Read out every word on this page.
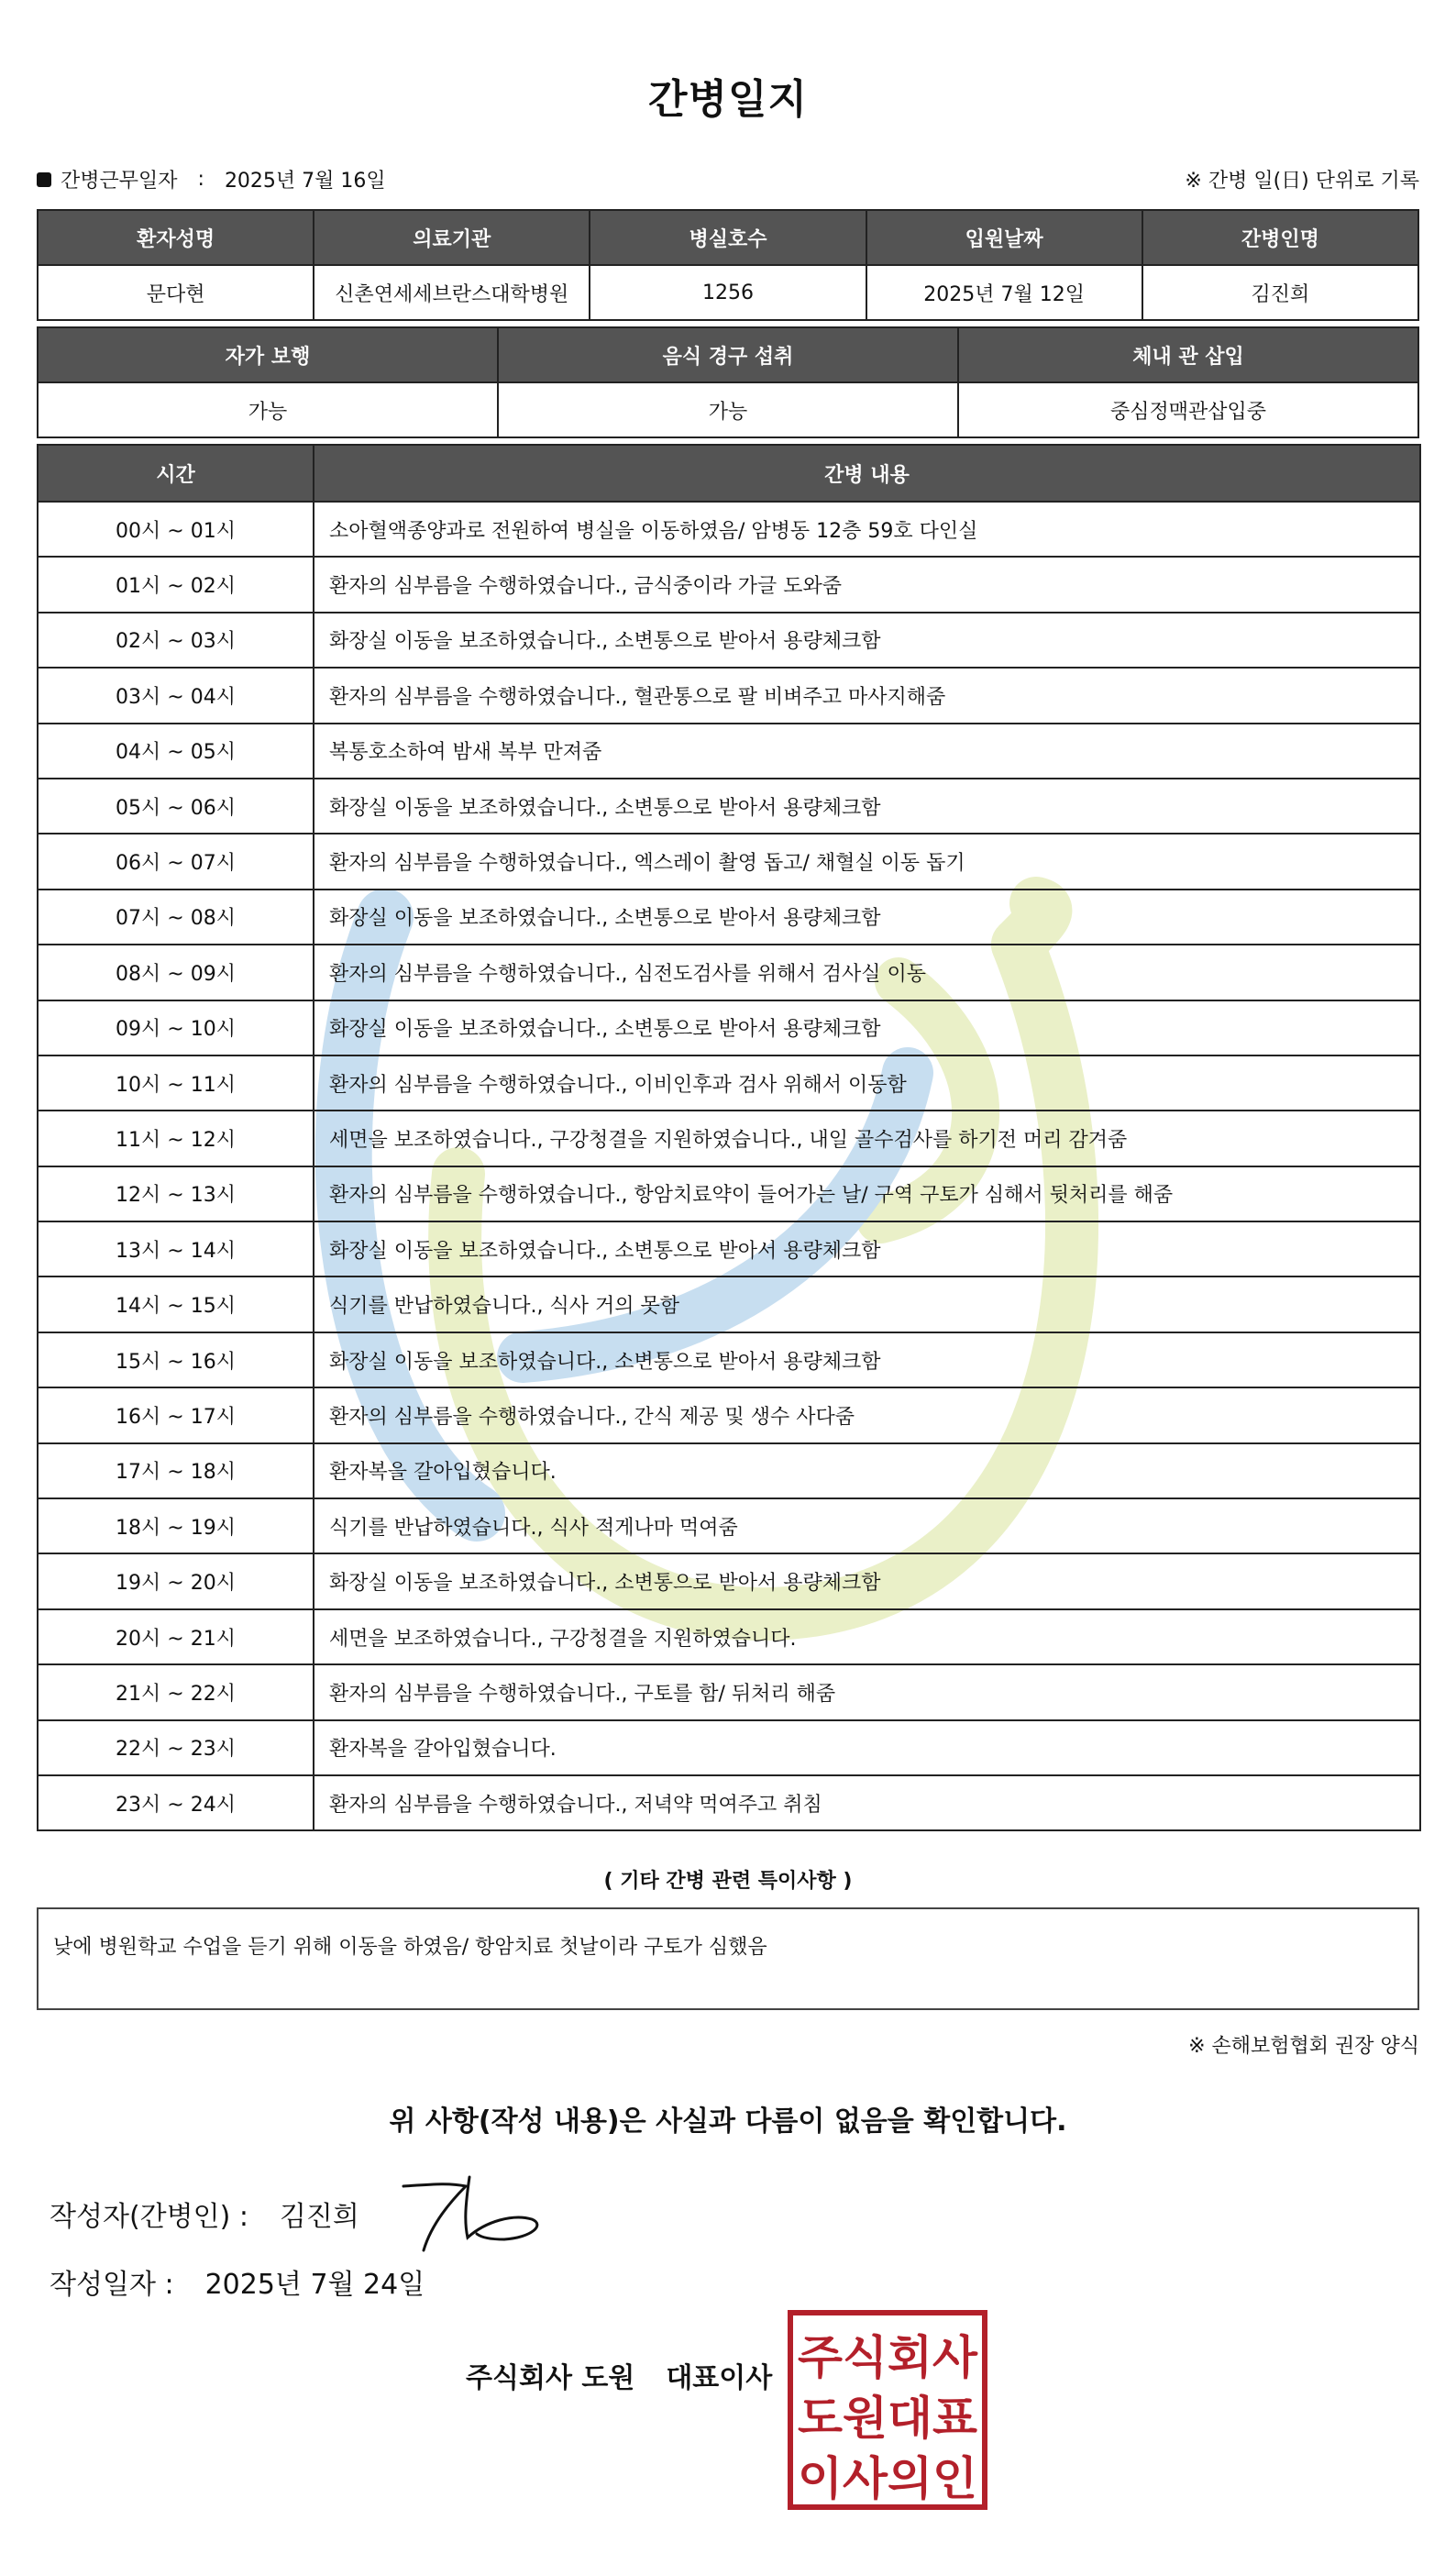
간병일지
간병근무일자 : 2025년 7월 16일	※ 간병 일(日) 단위로 기록
환자성명	의료기관	병실호수	입원날짜	간병인명
문다현	신촌연세세브란스대학병원	1256	2025년 7월 12일	김진희
자가 보행	음식 경구 섭취	체내 관 삽입
가능	가능	중심정맥관삽입중
시간	간병 내용
00시 ~ 01시	소아혈액종양과로 전원하여 병실을 이동하였음/ 암병동 12층 59호 다인실
01시 ~ 02시	환자의 심부름을 수행하였습니다., 금식중이라 가글 도와줌
02시 ~ 03시	화장실 이동을 보조하였습니다., 소변통으로 받아서 용량체크함
03시 ~ 04시	환자의 심부름을 수행하였습니다., 혈관통으로 팔 비벼주고 마사지해줌
04시 ~ 05시	복통호소하여 밤새 복부 만져줌
05시 ~ 06시	화장실 이동을 보조하였습니다., 소변통으로 받아서 용량체크함
06시 ~ 07시	환자의 심부름을 수행하였습니다., 엑스레이 촬영 돕고/ 채혈실 이동 돕기
07시 ~ 08시	화장실 이동을 보조하였습니다., 소변통으로 받아서 용량체크함
08시 ~ 09시	환자의 심부름을 수행하였습니다., 심전도검사를 위해서 검사실 이동
09시 ~ 10시	화장실 이동을 보조하였습니다., 소변통으로 받아서 용량체크함
10시 ~ 11시	환자의 심부름을 수행하였습니다., 이비인후과 검사 위해서 이동함
11시 ~ 12시	세면을 보조하였습니다., 구강청결을 지원하였습니다., 내일 골수검사를 하기전 머리 감겨줌
12시 ~ 13시	환자의 심부름을 수행하였습니다., 항암치료약이 들어가는 날/ 구역 구토가 심해서 뒷처리를 해줌
13시 ~ 14시	화장실 이동을 보조하였습니다., 소변통으로 받아서 용량체크함
14시 ~ 15시	식기를 반납하였습니다., 식사 거의 못함
15시 ~ 16시	화장실 이동을 보조하였습니다., 소변통으로 받아서 용량체크함
16시 ~ 17시	환자의 심부름을 수행하였습니다., 간식 제공 및 생수 사다줌
17시 ~ 18시	환자복을 갈아입혔습니다.
18시 ~ 19시	식기를 반납하였습니다., 식사 적게나마 먹여줌
19시 ~ 20시	화장실 이동을 보조하였습니다., 소변통으로 받아서 용량체크함
20시 ~ 21시	세면을 보조하였습니다., 구강청결을 지원하였습니다.
21시 ~ 22시	환자의 심부름을 수행하였습니다., 구토를 함/ 뒤처리 해줌
22시 ~ 23시	환자복을 갈아입혔습니다.
23시 ~ 24시	환자의 심부름을 수행하였습니다., 저녁약 먹여주고 취침
( 기타 간병 관련 특이사항 )
낮에 병원학교 수업을 듣기 위해 이동을 하였음/ 항암치료 첫날이라 구토가 심했음
※ 손해보험협회 권장 양식
위 사항(작성 내용)은 사실과 다름이 없음을 확인합니다.
작성자(간병인) : 김진희
작성일자 : 2025년 7월 24일
주식회사 도원 대표이사 주식회사
도원대표
이사의인
